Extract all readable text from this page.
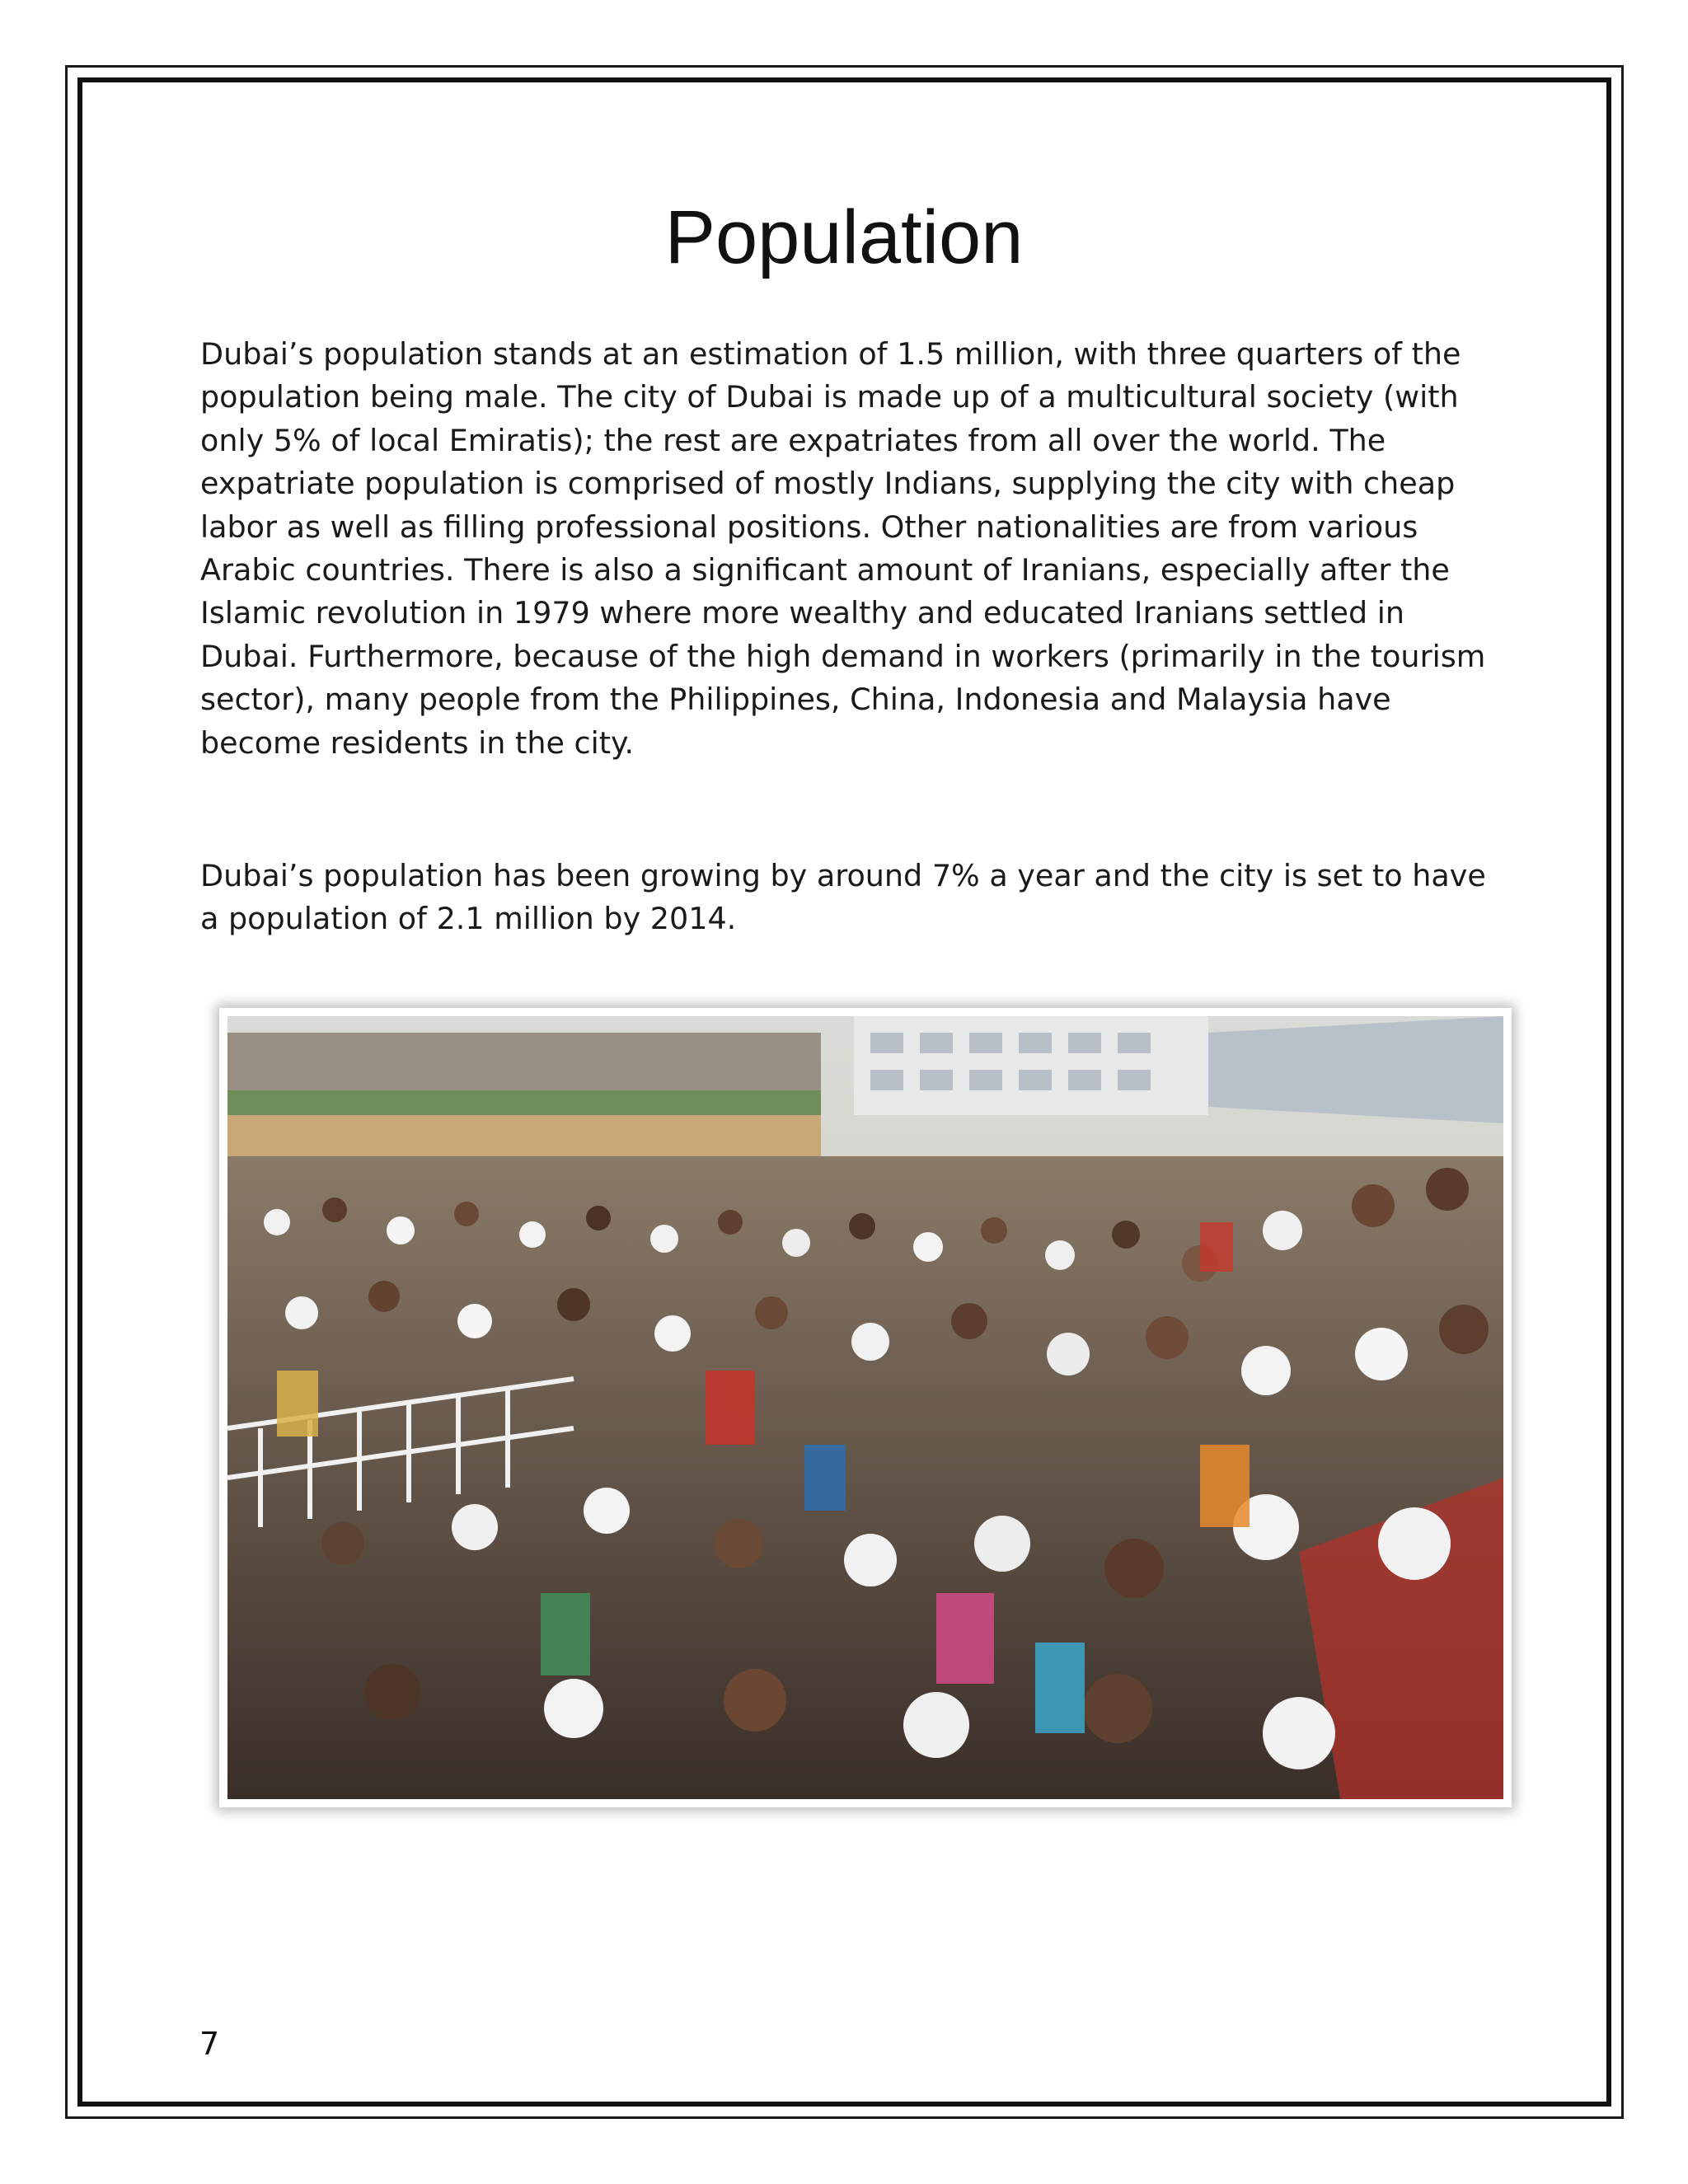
Population

Dubai’s population stands at an estimation of 1.5 million, with three quarters of the population being male. The city of Dubai is made up of a multicultural society (with only 5% of local Emiratis); the rest are expatriates from all over the world. The expatriate population is comprised of mostly Indians, supplying the city with cheap labor as well as filling professional positions. Other nationalities are from various Arabic countries. There is also a significant amount of Iranians, especially after the Islamic revolution in 1979 where more wealthy and educated Iranians settled in Dubai. Furthermore, because of the high demand in workers (primarily in the tourism sector), many people from the Philippines, China, Indonesia and Malaysia have become residents in the city.

Dubai’s population has been growing by around 7% a year and the city is set to have a population of 2.1 million by 2014.

7
